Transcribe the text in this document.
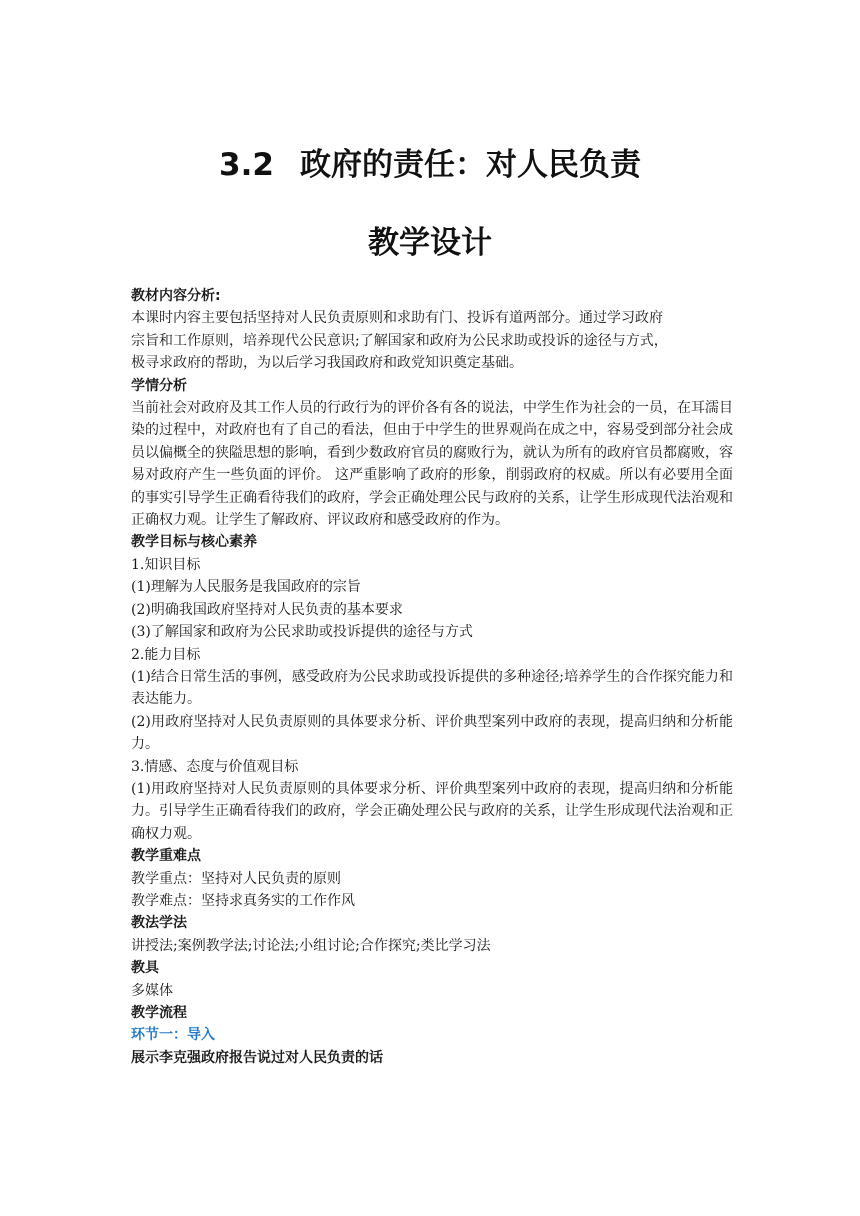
3.2 政府的责任：对人民负责
教学设计

教材内容分析:

本课时内容主要包括坚持对人民负责原则和求助有门、投诉有道两部分。通过学习政府

宗旨和工作原则，培养现代公民意识;了解国家和政府为公民求助或投诉的途径与方式，

极寻求政府的帮助，为以后学习我国政府和政党知识奠定基础。

学情分析

当前社会对政府及其工作人员的行政行为的评价各有各的说法，中学生作为社会的一员，在耳濡目染的过程中，对政府也有了自己的看法，但由于中学生的世界观尚在成之中，容易受到部分社会成员以偏概全的狭隘思想的影响，看到少数政府官员的腐败行为，就认为所有的政府官员都腐败，容易对政府产生一些负面的评价。 这严重影响了政府的形象，削弱政府的权威。所以有必要用全面的事实引导学生正确看待我们的政府，学会正确处理公民与政府的关系，让学生形成现代法治观和正确权力观。让学生了解政府、评议政府和感受政府的作为。

教学目标与核心素养

1.知识目标

(1)理解为人民服务是我国政府的宗旨

(2)明确我国政府坚持对人民负责的基本要求

(3)了解国家和政府为公民求助或投诉提供的途径与方式

2.能力目标

(1)结合日常生活的事例，感受政府为公民求助或投诉提供的多种途径;培养学生的合作探究能力和表达能力。

(2)用政府坚持对人民负责原则的具体要求分析、评价典型案列中政府的表现，提高归纳和分析能力。

3.情感、态度与价值观目标

(1)用政府坚持对人民负责原则的具体要求分析、评价典型案列中政府的表现，提高归纳和分析能力。引导学生正确看待我们的政府，学会正确处理公民与政府的关系，让学生形成现代法治观和正确权力观。

教学重难点

教学重点：坚持对人民负责的原则

教学难点：坚持求真务实的工作作风

教法学法

讲授法;案例教学法;讨论法;小组讨论;合作探究;类比学习法

教具

多媒体

教学流程

环节一：导入

展示李克强政府报告说过对人民负责的话
